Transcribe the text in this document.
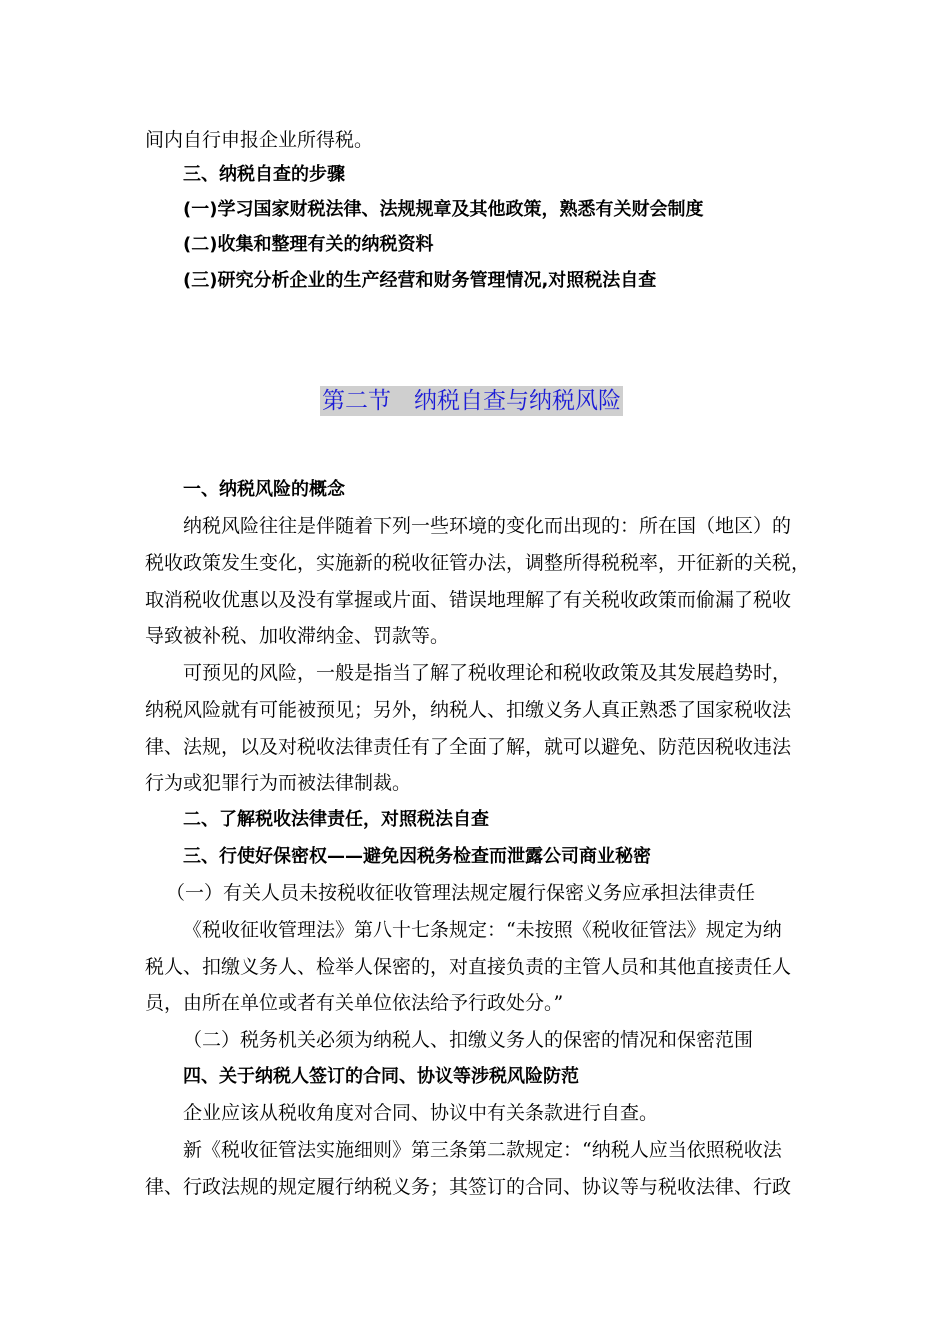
间内自行申报企业所得税。
三、纳税自查的步骤
(一)学习国家财税法律、法规规章及其他政策，熟悉有关财会制度
(二)收集和整理有关的纳税资料
(三)研究分析企业的生产经营和财务管理情况,对照税法自查
第二节　纳税自查与纳税风险
一、纳税风险的概念
纳税风险往往是伴随着下列一些环境的变化而出现的：所在国（地区）的
税收政策发生变化，实施新的税收征管办法，调整所得税税率，开征新的关税，
取消税收优惠以及没有掌握或片面、错误地理解了有关税收政策而偷漏了税收
导致被补税、加收滞纳金、罚款等。
可预见的风险，一般是指当了解了税收理论和税收政策及其发展趋势时，
纳税风险就有可能被预见；另外，纳税人、扣缴义务人真正熟悉了国家税收法
律、法规，以及对税收法律责任有了全面了解，就可以避免、防范因税收违法
行为或犯罪行为而被法律制裁。
二、了解税收法律责任，对照税法自查
三、行使好保密权——避免因税务检查而泄露公司商业秘密
（一）有关人员未按税收征收管理法规定履行保密义务应承担法律责任
《税收征收管理法》第八十七条规定：“未按照《税收征管法》规定为纳
税人、扣缴义务人、检举人保密的，对直接负责的主管人员和其他直接责任人
员，由所在单位或者有关单位依法给予行政处分。”
（二）税务机关必须为纳税人、扣缴义务人的保密的情况和保密范围
四、关于纳税人签订的合同、协议等涉税风险防范
企业应该从税收角度对合同、协议中有关条款进行自查。
新《税收征管法实施细则》第三条第二款规定：“纳税人应当依照税收法
律、行政法规的规定履行纳税义务；其签订的合同、协议等与税收法律、行政
